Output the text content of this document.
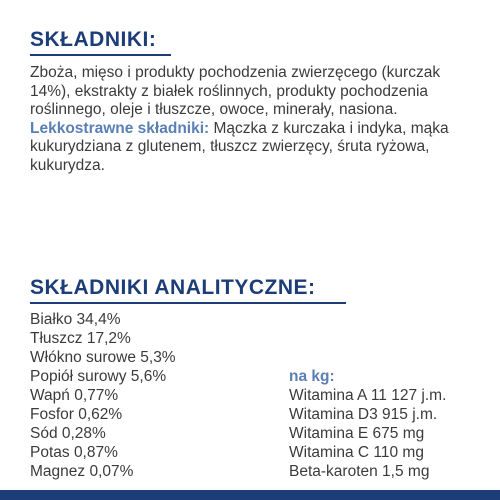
SKŁADNIKI:

Zboża, mięso i produkty pochodzenia zwierzęcego (kurczak 14%), ekstrakty z białek roślinnych, produkty pochodzenia roślinnego, oleje i tłuszcze, owoce, minerały, nasiona.

Lekkostrawne składniki: Mączka z kurczaka i indyka, mąka kukurydziana z glutenem, tłuszcz zwierzęcy, śruta ryżowa, kukurydza.

SKŁADNIKI ANALITYCZNE:
Białko 34,4%
Tłuszcz 17,2%
Włókno surowe 5,3%
Popiół surowy 5,6%
Wapń 0,77%
Fosfor 0,62%
Sód 0,28%
Potas 0,87%
Magnez 0,07%

na kg:

Witamina A 11 127 j.m.
Witamina D3 915 j.m.
Witamina E 675 mg
Witamina C 110 mg
Beta-karoten 1,5 mg
